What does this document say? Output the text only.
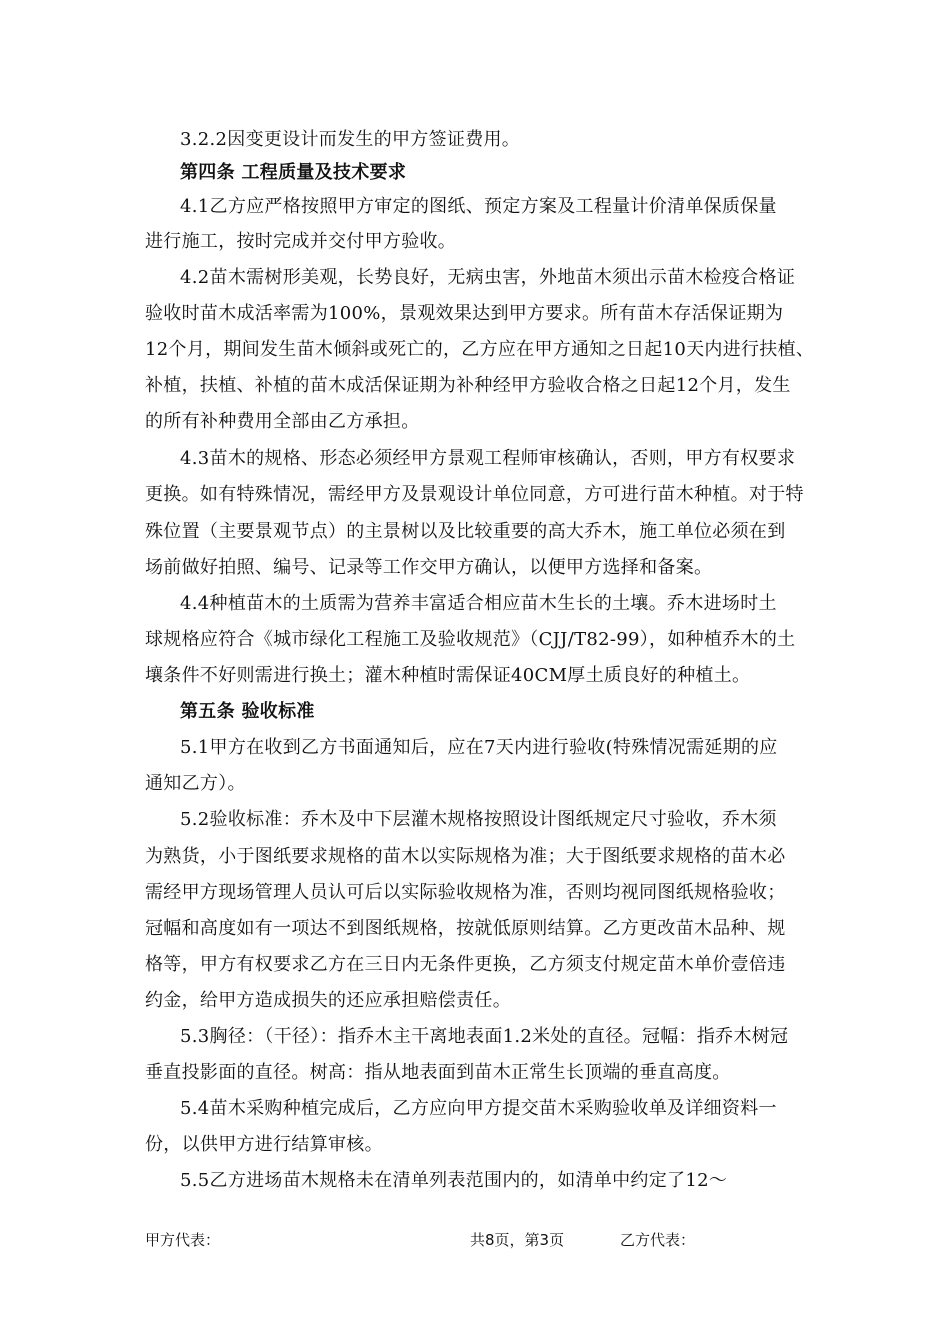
3.2.2因变更设计而发生的甲方签证费用。
第四条 工程质量及技术要求
4.1乙方应严格按照甲方审定的图纸、预定方案及工程量计价清单保质保量
进行施工，按时完成并交付甲方验收。
4.2苗木需树形美观，长势良好，无病虫害，外地苗木须出示苗木检疫合格证
验收时苗木成活率需为100%，景观效果达到甲方要求。所有苗木存活保证期为
12个月，期间发生苗木倾斜或死亡的，乙方应在甲方通知之日起10天内进行扶植、
补植，扶植、补植的苗木成活保证期为补种经甲方验收合格之日起12个月，发生
的所有补种费用全部由乙方承担。
4.3苗木的规格、形态必须经甲方景观工程师审核确认，否则，甲方有权要求
更换。如有特殊情况，需经甲方及景观设计单位同意，方可进行苗木种植。对于特
殊位置（主要景观节点）的主景树以及比较重要的高大乔木，施工单位必须在到
场前做好拍照、编号、记录等工作交甲方确认，以便甲方选择和备案。
4.4种植苗木的土质需为营养丰富适合相应苗木生长的土壤。乔木进场时土
球规格应符合《城市绿化工程施工及验收规范》（CJJ/T82-99），如种植乔木的土
壤条件不好则需进行换土；灌木种植时需保证40CM厚土质良好的种植土。
第五条 验收标准
5.1甲方在收到乙方书面通知后，应在7天内进行验收(特殊情况需延期的应
通知乙方）。
5.2验收标准：乔木及中下层灌木规格按照设计图纸规定尺寸验收，乔木须
为熟货，小于图纸要求规格的苗木以实际规格为准；大于图纸要求规格的苗木必
需经甲方现场管理人员认可后以实际验收规格为准，否则均视同图纸规格验收；
冠幅和高度如有一项达不到图纸规格，按就低原则结算。乙方更改苗木品种、规
格等，甲方有权要求乙方在三日内无条件更换，乙方须支付规定苗木单价壹倍违
约金，给甲方造成损失的还应承担赔偿责任。
5.3胸径：（干径）：指乔木主干离地表面1.2米处的直径。冠幅：指乔木树冠
垂直投影面的直径。树高：指从地表面到苗木正常生长顶端的垂直高度。
5.4苗木采购种植完成后，乙方应向甲方提交苗木采购验收单及详细资料一
份，以供甲方进行结算审核。
5.5乙方进场苗木规格未在清单列表范围内的，如清单中约定了12～
甲方代表：	共8页，第3页	乙方代表：
